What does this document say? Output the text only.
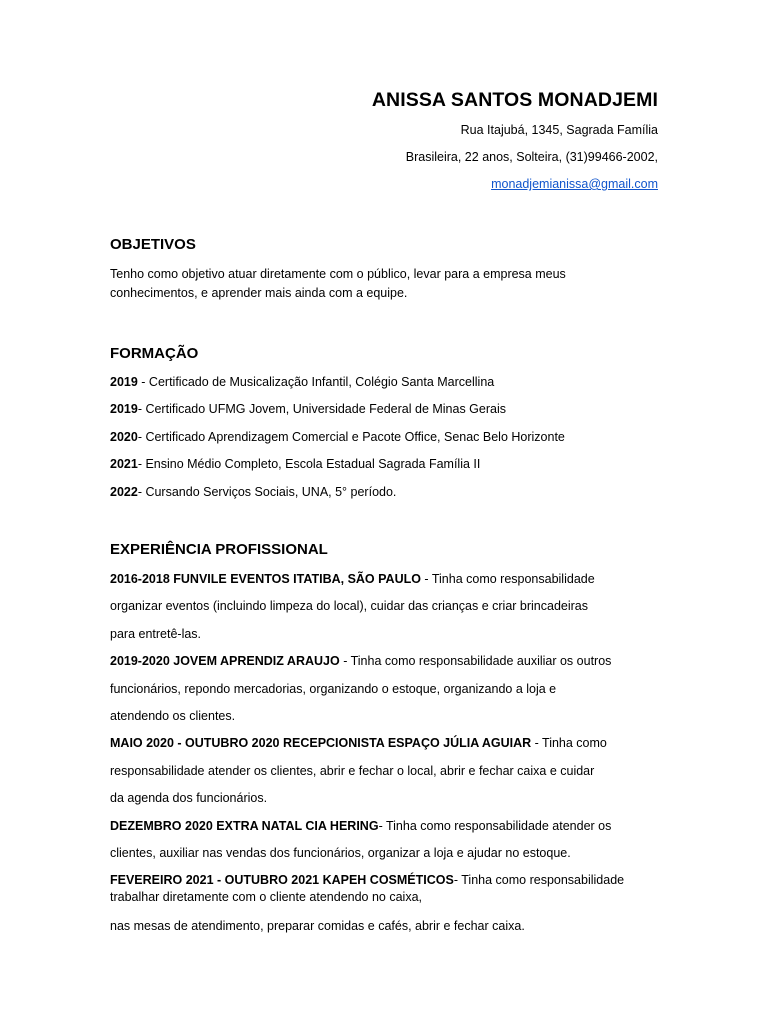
ANISSA SANTOS MONADJEMI

Rua Itajubá, 1345, Sagrada Família

Brasileira, 22 anos, Solteira, (31)99466-2002,

monadjemianissa@gmail.com

OBJETIVOS

Tenho como objetivo atuar diretamente com o público, levar para a empresa meus conhecimentos, e aprender mais ainda com a equipe.

FORMAÇÃO

2019 - Certificado de Musicalização Infantil, Colégio Santa Marcellina

2019- Certificado UFMG Jovem, Universidade Federal de Minas Gerais

2020- Certificado Aprendizagem Comercial e Pacote Office, Senac Belo Horizonte

2021- Ensino Médio Completo, Escola Estadual Sagrada Família II

2022- Cursando Serviços Sociais, UNA, 5° período.

EXPERIÊNCIA PROFISSIONAL

2016-2018 FUNVILE EVENTOS ITATIBA, SÃO PAULO - Tinha como responsabilidade

organizar eventos (incluindo limpeza do local), cuidar das crianças e criar brincadeiras

para entretê-las.

2019-2020 JOVEM APRENDIZ ARAUJO - Tinha como responsabilidade auxiliar os outros

funcionários, repondo mercadorias, organizando o estoque, organizando a loja e

atendendo os clientes.

MAIO 2020 - OUTUBRO 2020 RECEPCIONISTA ESPAÇO JÚLIA AGUIAR - Tinha como

responsabilidade atender os clientes, abrir e fechar o local, abrir e fechar caixa e cuidar

da agenda dos funcionários.

DEZEMBRO 2020 EXTRA NATAL CIA HERING- Tinha como responsabilidade atender os

clientes, auxiliar nas vendas dos funcionários, organizar a loja e ajudar no estoque.

FEVEREIRO 2021 - OUTUBRO 2021 KAPEH COSMÉTICOS- Tinha como responsabilidade

trabalhar diretamente com o cliente atendendo no caixa,

nas mesas de atendimento, preparar comidas e cafés, abrir e fechar caixa.
